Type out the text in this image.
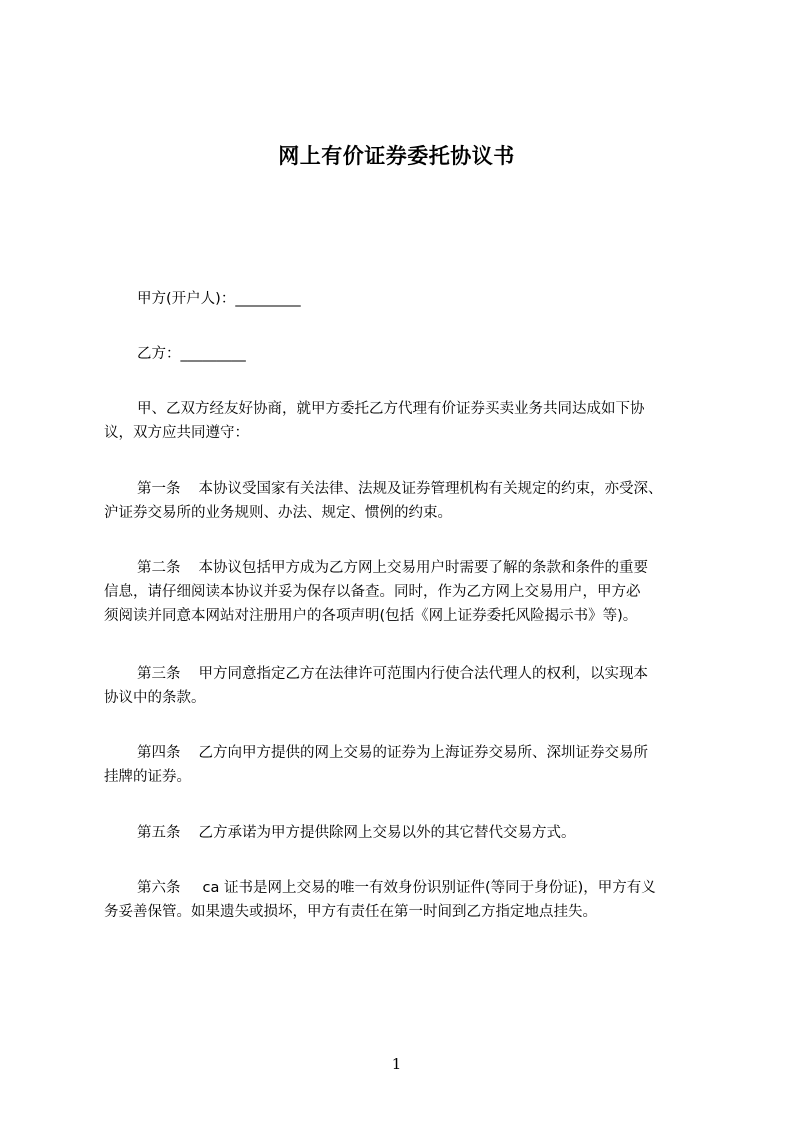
网上有价证券委托协议书
甲方(开户人)：_________
乙方：_________
甲、乙双方经友好协商，就甲方委托乙方代理有价证券买卖业务共同达成如下协
议，双方应共同遵守：
第一条 本协议受国家有关法律、法规及证券管理机构有关规定的约束，亦受深、
沪证券交易所的业务规则、办法、规定、惯例的约束。
第二条 本协议包括甲方成为乙方网上交易用户时需要了解的条款和条件的重要
信息，请仔细阅读本协议并妥为保存以备查。同时，作为乙方网上交易用户，甲方必
须阅读并同意本网站对注册用户的各项声明(包括《网上证券委托风险揭示书》等)。
第三条 甲方同意指定乙方在法律许可范围内行使合法代理人的权利，以实现本
协议中的条款。
第四条 乙方向甲方提供的网上交易的证券为上海证券交易所、深圳证券交易所
挂牌的证券。
第五条 乙方承诺为甲方提供除网上交易以外的其它替代交易方式。
第六条 ca 证书是网上交易的唯一有效身份识别证件(等同于身份证)，甲方有义
务妥善保管。如果遗失或损坏，甲方有责任在第一时间到乙方指定地点挂失。
1
